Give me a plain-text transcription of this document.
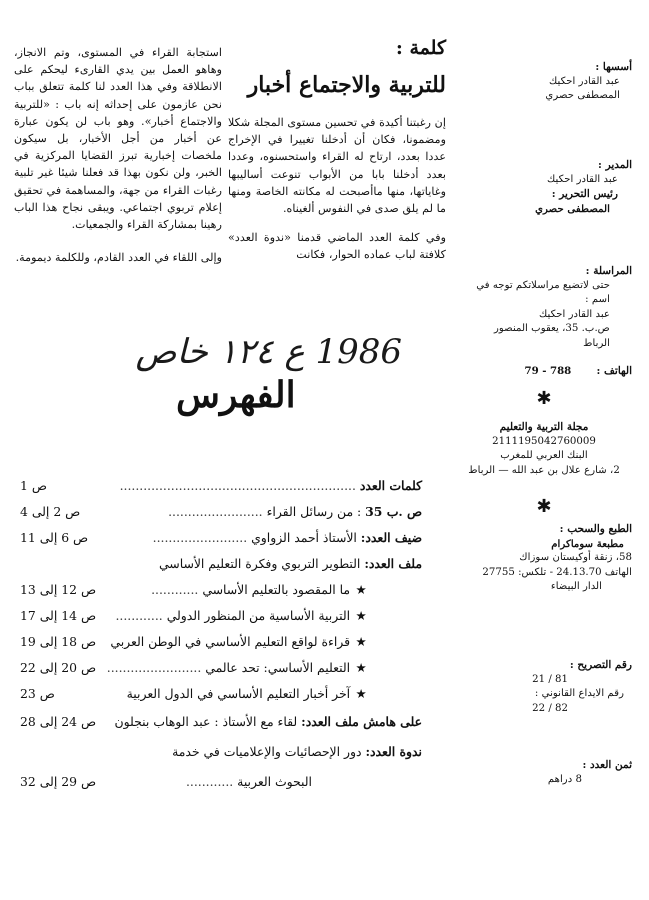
كلمة :
للتربية والاجتماع أخبار

إن رغبتنا أكيدة في تحسين مستوى المجلة شكلا ومضمونا، فكان أن أدخلنا تغييرا في الإخراج عددا بعدد، ارتاح له القراء واستحسنوه، وعددا بعدد أدخلنا بابا من الأبواب تنوعت أساليبها وغاياتها، منها ماأصبحت له مكانته الخاصة ومنها ما لم يلق صدى في النفوس ألغيناه.

وفي كلمة العدد الماضي قدمنا «ندوة العدد» كلافتة لباب عماده الحوار، فكانت

استجابة القراء في المستوى، وتم الانجاز، وهاهو العمل بين يدي القارىء ليحكم على الانطلاقة وفي هذا العدد لنا كلمة تتعلق بباب نحن عازمون على إحداثه إنه باب : «للتربية والاجتماع أخبار». وهو باب لن يكون عبارة عن أخبار من أجل الأخبار، بل سيكون ملخصات إخبارية تبرز القضايا المركزية في الخبر، ولن نكون بهذا قد فعلنا شيئا غير تلبية رغبات القراء من جهة، والمساهمة في تحقيق إعلام تربوي اجتماعي. ويبقى نجاح هذا الباب رهينا بمشاركة القراء والجمعيات.

وإلى اللقاء في العدد القادم، وللكلمة ديمومة.

1986 ع ١٢٤ خاص
الفهرس
أسسها :
عبد القادر احكيك
المصطفى حصري
المدير :
عبد القادر احكيك
رئيس التحرير :
المصطفى حصري
المراسلة :
حتى لاتضيع مراسلاتكم توجه في اسم :
عبد القادر احكيك
ص.ب. 35، يعقوب المنصور
الرباط
الهاتف : 79 - 788
✱
مجلة التربية والتعليم
2111195042760009
البنك العربي للمغرب
2، شارع علال بن عبد الله — الرباط
✱
الطبع والسحب :
مطبعة سوماكرام
58، زنقة أوكيستان سوزاك
الهاتف 24.13.70 - تلكس: 27755
الدار البيضاء
رقم التصريح :
81 / 21
رقم الايداع القانوني :
82 / 22
ثمن العدد :
8 دراهم
كلمات العدد ............................................................
ص 1
ص .ب 35 : من رسائل القراء ........................
ص 2 إلى 4
ضيف العدد: الأستاذ أحمد الزواوي ........................
ص 6 إلى 11
ملف العدد: التطوير التربوي وفكرة التعليم الأساسي
★ ما المقصود بالتعليم الأساسي ............
ص 12 إلى 13
★ التربية الأساسية من المنظور الدولي ............
ص 14 إلى 17
★ قراءة لواقع التعليم الأساسي في الوطن العربي
ص 18 إلى 19
★ التعليم الأساسي: تحد عالمي ........................
ص 20 إلى 22
★ آخر أخبار التعليم الأساسي في الدول العربية
ص 23
على هامش ملف العدد: لقاء مع الأستاذ : عبد الوهاب بنجلون
ص 24 إلى 28
ندوة العدد: دور الإحصائيات والإعلاميات في خدمة
البحوث العربية ............
ص 29 إلى 32
